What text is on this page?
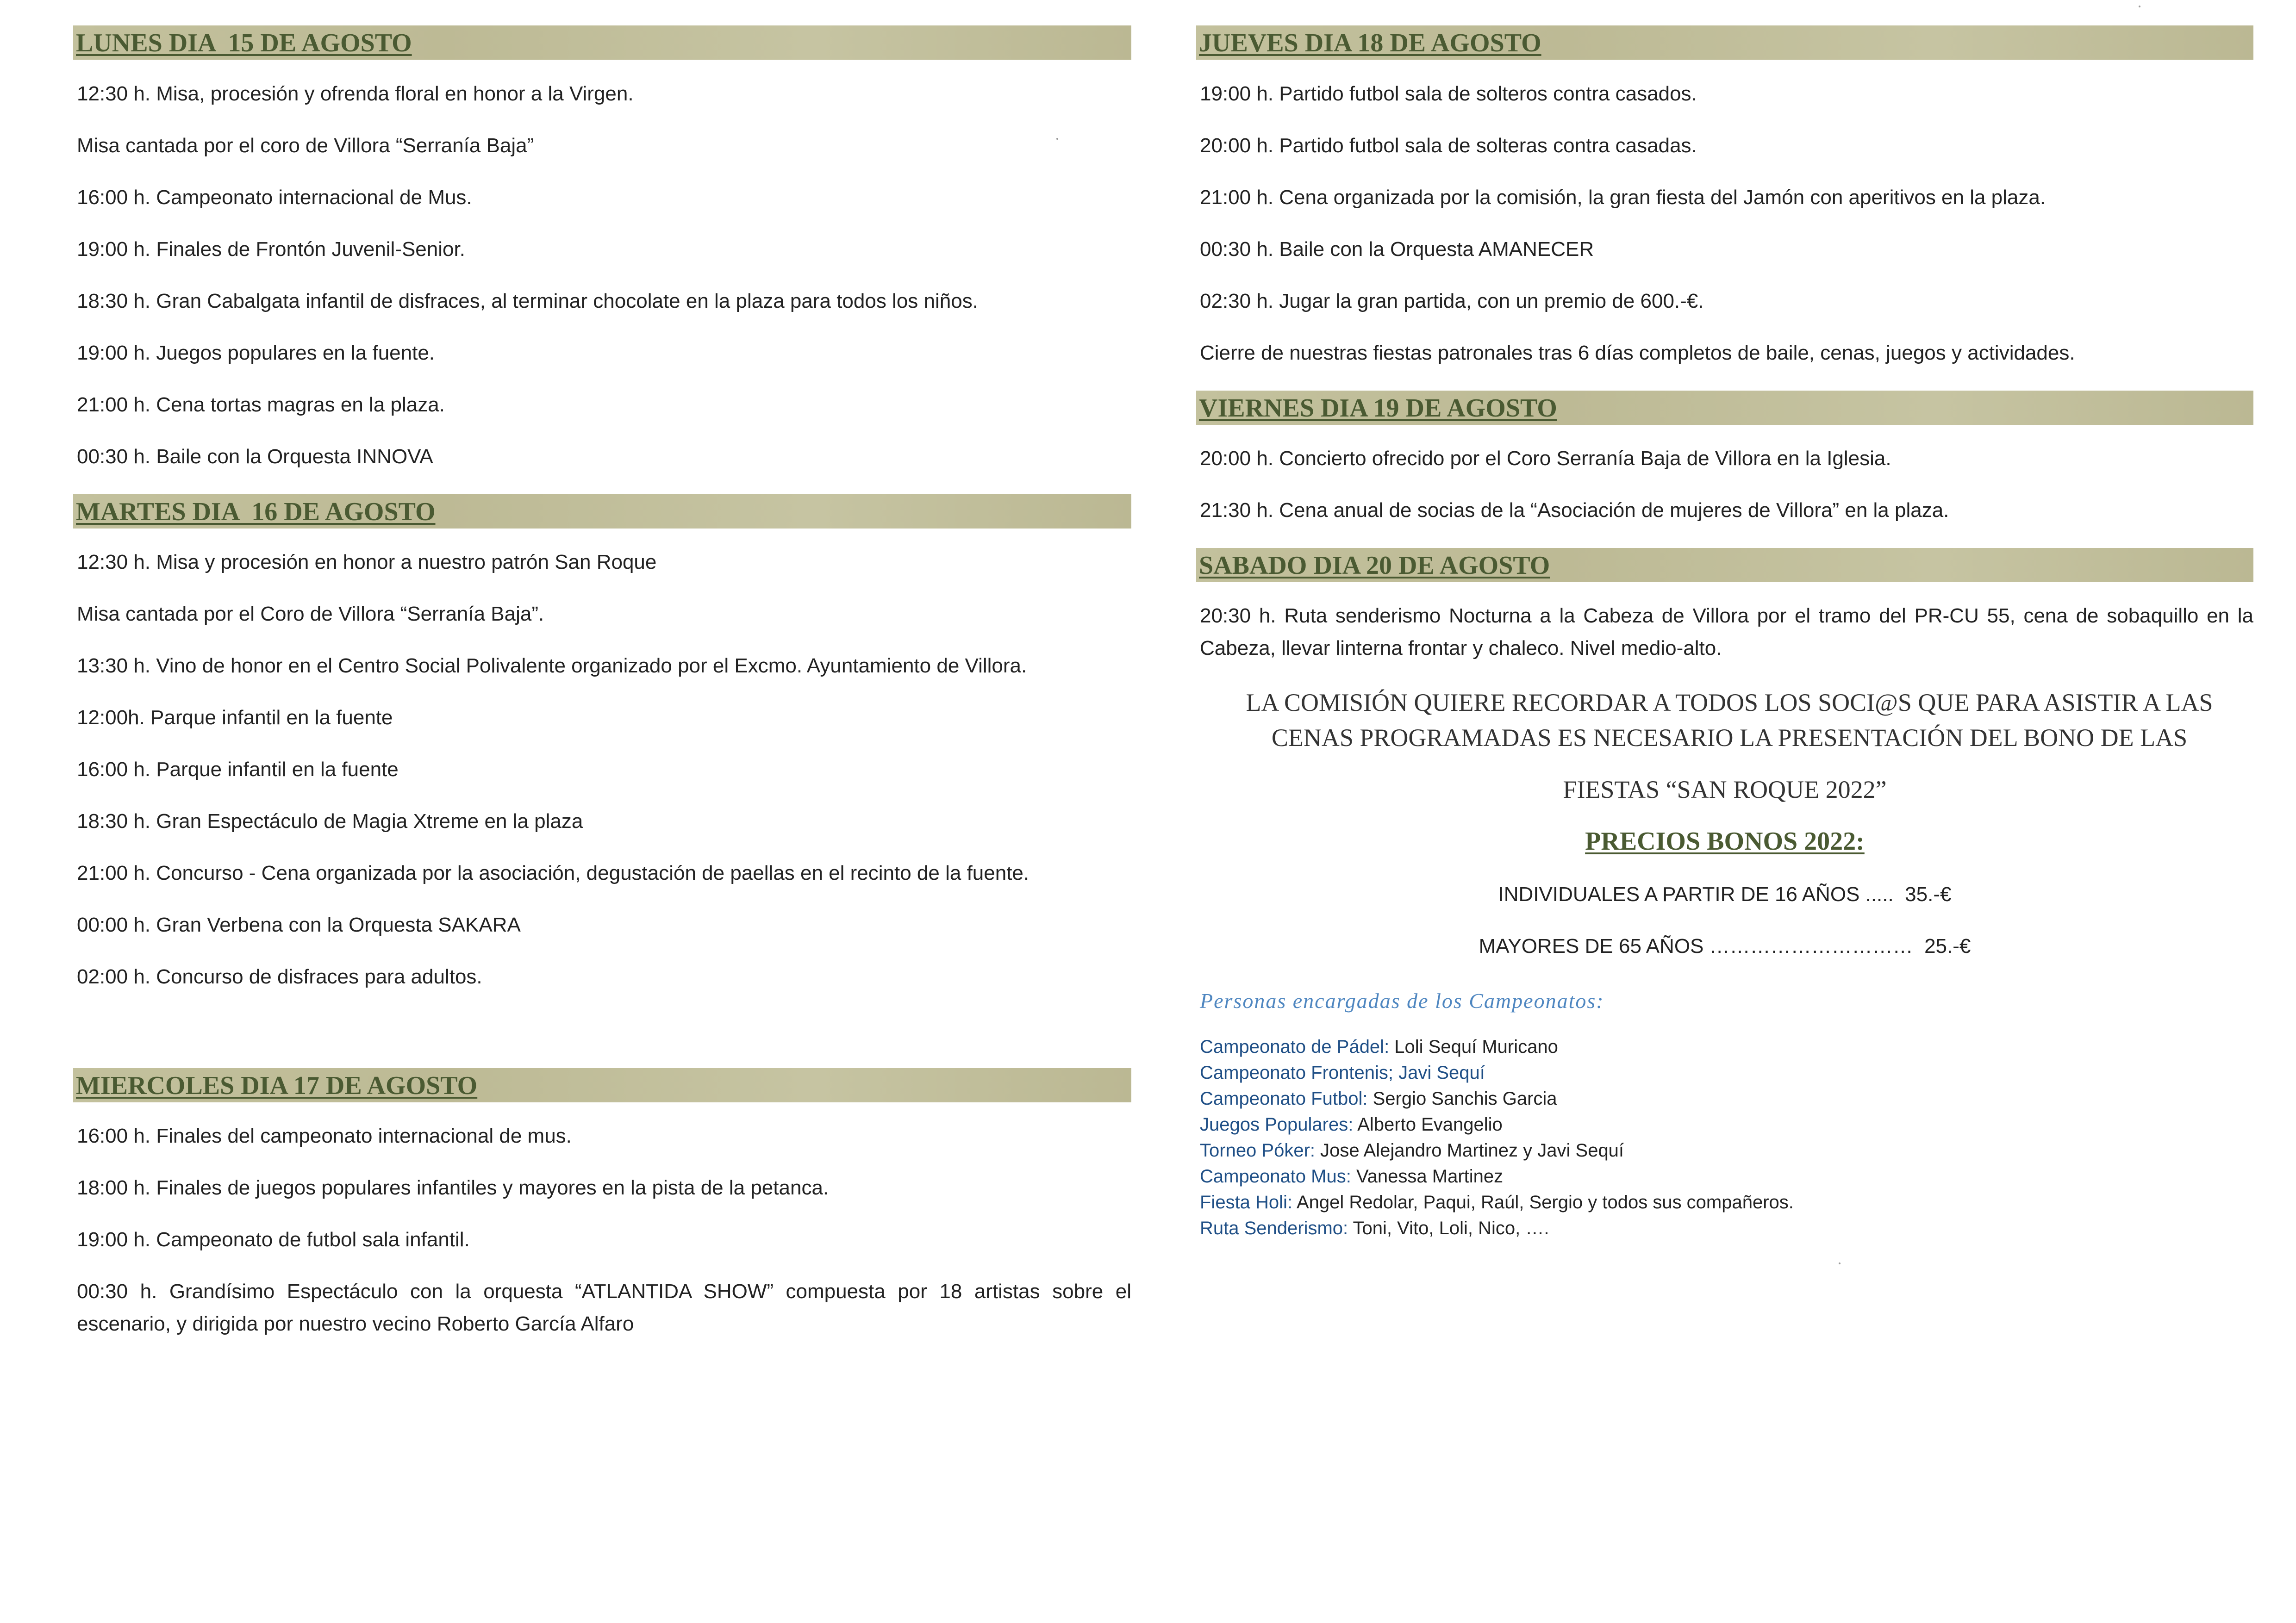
LUNES DIA  15 DE AGOSTO
12:30 h. Misa, procesión y ofrenda floral en honor a la Virgen.
Misa cantada por el coro de Villora “Serranía Baja”
16:00 h. Campeonato internacional de Mus.
19:00 h. Finales de Frontón Juvenil-Senior.
18:30 h. Gran Cabalgata infantil de disfraces, al terminar chocolate en la plaza para todos los niños.
19:00 h. Juegos populares en la fuente.
21:00 h. Cena tortas magras en la plaza.
00:30 h. Baile con la Orquesta INNOVA
MARTES DIA  16 DE AGOSTO
12:30 h. Misa y procesión en honor a nuestro patrón San Roque
Misa cantada por el Coro de Villora “Serranía Baja”.
13:30 h. Vino de honor en el Centro Social Polivalente organizado por el Excmo. Ayuntamiento de Villora.
12:00h. Parque infantil en la fuente
16:00 h. Parque infantil en la fuente
18:30 h. Gran Espectáculo de Magia Xtreme en la plaza
21:00 h. Concurso - Cena organizada por la asociación, degustación de paellas en el recinto de la fuente.
00:00 h. Gran Verbena con la Orquesta SAKARA
02:00 h. Concurso de disfraces para adultos.
MIERCOLES DIA 17 DE AGOSTO
16:00 h. Finales del campeonato internacional de mus.
18:00 h. Finales de juegos populares infantiles y mayores en la pista de la petanca.
19:00 h. Campeonato de futbol sala infantil.
00:30 h. Grandísimo Espectáculo con la orquesta “ATLANTIDA SHOW” compuesta por 18 artistas sobre el escenario, y dirigida por nuestro vecino Roberto García Alfaro
JUEVES DIA 18 DE AGOSTO
19:00 h. Partido futbol sala de solteros contra casados.
20:00 h. Partido futbol sala de solteras contra casadas.
21:00 h. Cena organizada por la comisión, la gran fiesta del Jamón con aperitivos en la plaza.
00:30 h. Baile con la Orquesta AMANECER
02:30 h. Jugar la gran partida, con un premio de 600.-€.
Cierre de nuestras fiestas patronales tras 6 días completos de baile, cenas, juegos y actividades.
VIERNES DIA 19 DE AGOSTO
20:00 h. Concierto ofrecido por el Coro Serranía Baja de Villora en la Iglesia.
21:30 h. Cena anual de socias de la “Asociación de mujeres de Villora” en la plaza.
SABADO DIA 20 DE AGOSTO
20:30 h. Ruta senderismo Nocturna a la Cabeza de Villora por el tramo del PR-CU 55, cena de sobaquillo en la Cabeza, llevar linterna frontar y chaleco. Nivel medio-alto.
LA COMISIÓN QUIERE RECORDAR A TODOS LOS SOCI@S QUE PARA ASISTIR A LAS CENAS PROGRAMADAS ES NECESARIO LA PRESENTACIÓN DEL BONO DE LAS
FIESTAS “SAN ROQUE 2022”
PRECIOS BONOS 2022:
INDIVIDUALES A PARTIR DE 16 AÑOS .....  35.-€
MAYORES DE 65 AÑOS …………………………  25.-€
Personas encargadas de los Campeonatos:
Campeonato de Pádel: Loli Sequí Muricano
Campeonato Frontenis; Javi Sequí
Campeonato Futbol: Sergio Sanchis Garcia
Juegos Populares: Alberto Evangelio
Torneo Póker: Jose Alejandro Martinez y Javi Sequí
Campeonato Mus: Vanessa Martinez
Fiesta Holi: Angel Redolar, Paqui, Raúl, Sergio y todos sus compañeros.
Ruta Senderismo: Toni, Vito, Loli, Nico, ….
